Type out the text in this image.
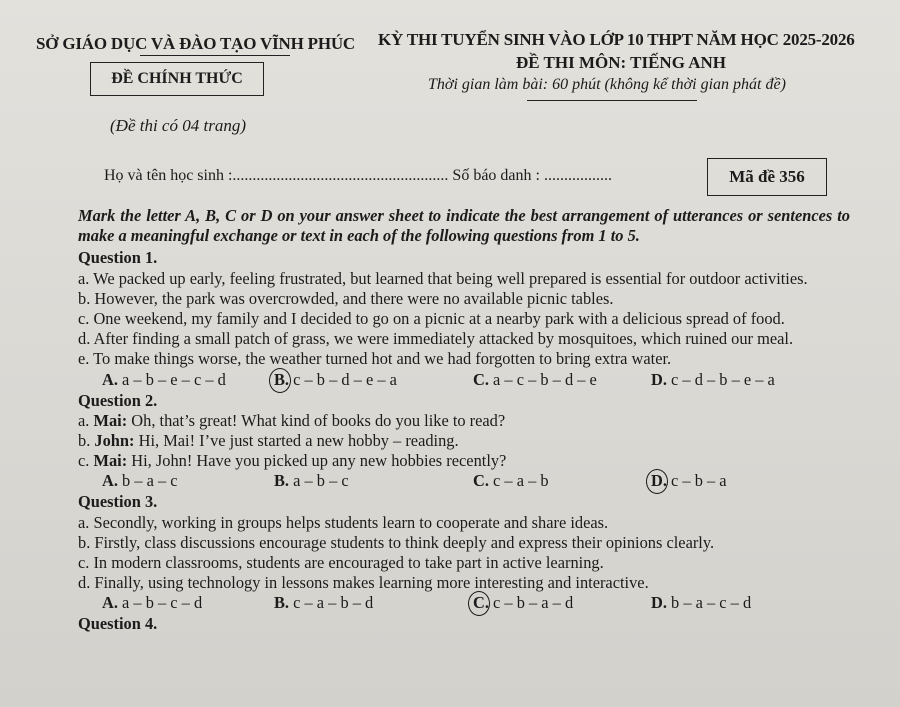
SỞ GIÁO DỤC VÀ ĐÀO TẠO VĨNH PHÚC KỲ THI TUYỂN SINH VÀO LỚP 10 THPT NĂM HỌC 2025-2026
ĐỀ THI MÔN: TIẾNG ANH
ĐỀ CHÍNH THỨC	Thời gian làm bài: 60 phút (không kể thời gian phát đề)
(Đề thi có 04 trang)
Họ và tên học sinh :...................................................... Số báo danh : .................	Mã đề 356
Mark the letter A, B, C or D on your answer sheet to indicate the best arrangement of utterances or sentences to make a meaningful exchange or text in each of the following questions from 1 to 5.
Question 1.

a. We packed up early, feeling frustrated, but learned that being well prepared is essential for outdoor activities.

b. However, the park was overcrowded, and there were no available picnic tables.

c. One weekend, my family and I decided to go on a picnic at a nearby park with a delicious spread of food.

d. After finding a small patch of grass, we were immediately attacked by mosquitoes, which ruined our meal.

e. To make things worse, the weather turned hot and we had forgotten to bring extra water.

A. a – b – e – c – d	B. c – b – d – e – a	C. a – c – b – d – e	D. c – d – b – e – a
Question 2.

a. Mai: Oh, that’s great! What kind of books do you like to read?

b. John: Hi, Mai! I’ve just started a new hobby – reading.

c. Mai: Hi, John! Have you picked up any new hobbies recently?

A. b – a – c	B. a – b – c	C. c – a – b	D. c – b – a
Question 3.

a. Secondly, working in groups helps students learn to cooperate and share ideas.

b. Firstly, class discussions encourage students to think deeply and express their opinions clearly.

c. In modern classrooms, students are encouraged to take part in active learning.

d. Finally, using technology in lessons makes learning more interesting and interactive.

A. a – b – c – d	B. c – a – b – d	C. c – b – a – d	D. b – a – c – d
Question 4.
